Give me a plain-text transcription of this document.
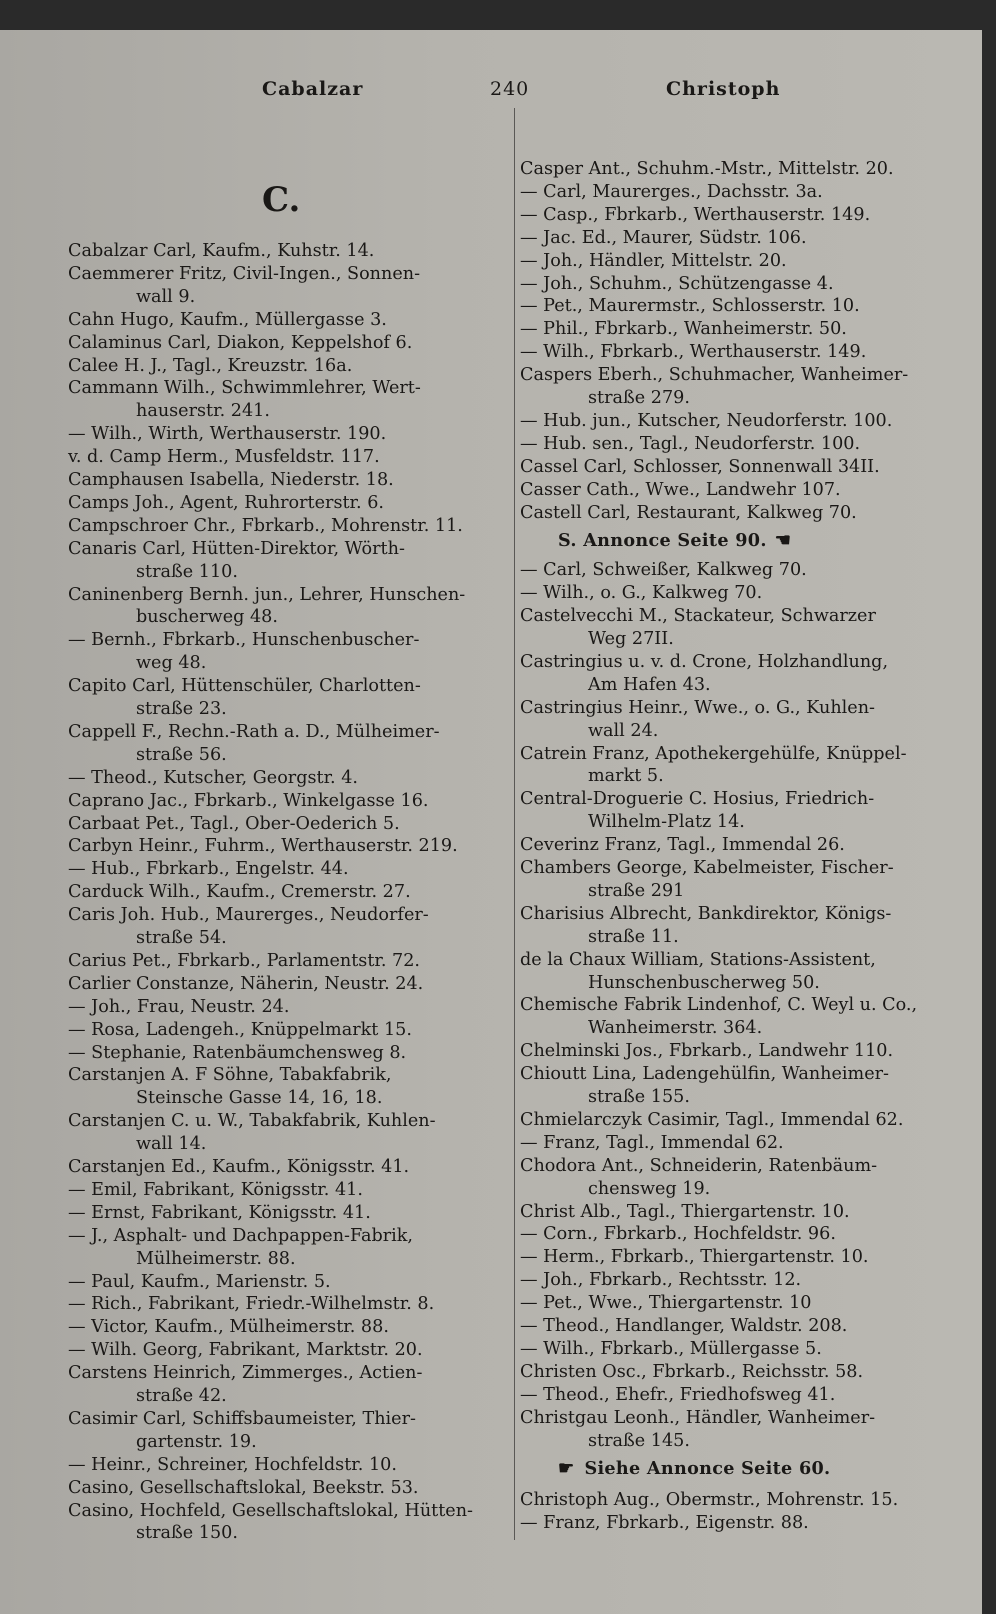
Cabalzar	240	Christoph
C.
Cabalzar Carl, Kaufm., Kuhstr. 14.
Caemmerer Fritz, Civil-Ingen., Sonnen-
wall 9.
Cahn Hugo, Kaufm., Müllergasse 3.
Calaminus Carl, Diakon, Keppelshof 6.
Calee H. J., Tagl., Kreuzstr. 16a.
Cammann Wilh., Schwimmlehrer, Wert-
hauserstr. 241.
— Wilh., Wirth, Werthauserstr. 190.
v. d. Camp Herm., Musfeldstr. 117.
Camphausen Isabella, Niederstr. 18.
Camps Joh., Agent, Ruhrorterstr. 6.
Campschroer Chr., Fbrkarb., Mohrenstr. 11.
Canaris Carl, Hütten-Direktor, Wörth-
straße 110.
Caninenberg Bernh. jun., Lehrer, Hunschen-
buscherweg 48.
— Bernh., Fbrkarb., Hunschenbuscher-
weg 48.
Capito Carl, Hüttenschüler, Charlotten-
straße 23.
Cappell F., Rechn.-Rath a. D., Mülheimer-
straße 56.
— Theod., Kutscher, Georgstr. 4.
Caprano Jac., Fbrkarb., Winkelgasse 16.
Carbaat Pet., Tagl., Ober-Oederich 5.
Carbyn Heinr., Fuhrm., Werthauserstr. 219.
— Hub., Fbrkarb., Engelstr. 44.
Carduck Wilh., Kaufm., Cremerstr. 27.
Caris Joh. Hub., Maurerges., Neudorfer-
straße 54.
Carius Pet., Fbrkarb., Parlamentstr. 72.
Carlier Constanze, Näherin, Neustr. 24.
— Joh., Frau, Neustr. 24.
— Rosa, Ladengeh., Knüppelmarkt 15.
— Stephanie, Ratenbäumchensweg 8.
Carstanjen A. F Söhne, Tabakfabrik,
Steinsche Gasse 14, 16, 18.
Carstanjen C. u. W., Tabakfabrik, Kuhlen-
wall 14.
Carstanjen Ed., Kaufm., Königsstr. 41.
— Emil, Fabrikant, Königsstr. 41.
— Ernst, Fabrikant, Königsstr. 41.
— J., Asphalt- und Dachpappen-Fabrik,
Mülheimerstr. 88.
— Paul, Kaufm., Marienstr. 5.
— Rich., Fabrikant, Friedr.-Wilhelmstr. 8.
— Victor, Kaufm., Mülheimerstr. 88.
— Wilh. Georg, Fabrikant, Marktstr. 20.
Carstens Heinrich, Zimmerges., Actien-
straße 42.
Casimir Carl, Schiffsbaumeister, Thier-
gartenstr. 19.
— Heinr., Schreiner, Hochfeldstr. 10.
Casino, Gesellschaftslokal, Beekstr. 53.
Casino, Hochfeld, Gesellschaftslokal, Hütten-
straße 150.
Casper Ant., Schuhm.-Mstr., Mittelstr. 20.
— Carl, Maurerges., Dachsstr. 3a.
— Casp., Fbrkarb., Werthauserstr. 149.
— Jac. Ed., Maurer, Südstr. 106.
— Joh., Händler, Mittelstr. 20.
— Joh., Schuhm., Schützengasse 4.
— Pet., Maurermstr., Schlosserstr. 10.
— Phil., Fbrkarb., Wanheimerstr. 50.
— Wilh., Fbrkarb., Werthauserstr. 149.
Caspers Eberh., Schuhmacher, Wanheimer-
straße 279.
— Hub. jun., Kutscher, Neudorferstr. 100.
— Hub. sen., Tagl., Neudorferstr. 100.
Cassel Carl, Schlosser, Sonnenwall 34II.
Casser Cath., Wwe., Landwehr 107.
Castell Carl, Restaurant, Kalkweg 70.
S. Annonce Seite 90. ☚
— Carl, Schweißer, Kalkweg 70.
— Wilh., o. G., Kalkweg 70.
Castelvecchi M., Stackateur, Schwarzer
Weg 27II.
Castringius u. v. d. Crone, Holzhandlung,
Am Hafen 43.
Castringius Heinr., Wwe., o. G., Kuhlen-
wall 24.
Catrein Franz, Apothekergehülfe, Knüppel-
markt 5.
Central-Droguerie C. Hosius, Friedrich-
Wilhelm-Platz 14.
Ceverinz Franz, Tagl., Immendal 26.
Chambers George, Kabelmeister, Fischer-
straße 291
Charisius Albrecht, Bankdirektor, Königs-
straße 11.
de la Chaux William, Stations-Assistent,
Hunschenbuscherweg 50.
Chemische Fabrik Lindenhof, C. Weyl u. Co.,
Wanheimerstr. 364.
Chelminski Jos., Fbrkarb., Landwehr 110.
Chioutt Lina, Ladengehülfin, Wanheimer-
straße 155.
Chmielarczyk Casimir, Tagl., Immendal 62.
— Franz, Tagl., Immendal 62.
Chodora Ant., Schneiderin, Ratenbäum-
chensweg 19.
Christ Alb., Tagl., Thiergartenstr. 10.
— Corn., Fbrkarb., Hochfeldstr. 96.
— Herm., Fbrkarb., Thiergartenstr. 10.
— Joh., Fbrkarb., Rechtsstr. 12.
— Pet., Wwe., Thiergartenstr. 10
— Theod., Handlanger, Waldstr. 208.
— Wilh., Fbrkarb., Müllergasse 5.
Christen Osc., Fbrkarb., Reichsstr. 58.
— Theod., Ehefr., Friedhofsweg 41.
Christgau Leonh., Händler, Wanheimer-
straße 145.
☛ Siehe Annonce Seite 60.
Christoph Aug., Obermstr., Mohrenstr. 15.
— Franz, Fbrkarb., Eigenstr. 88.
